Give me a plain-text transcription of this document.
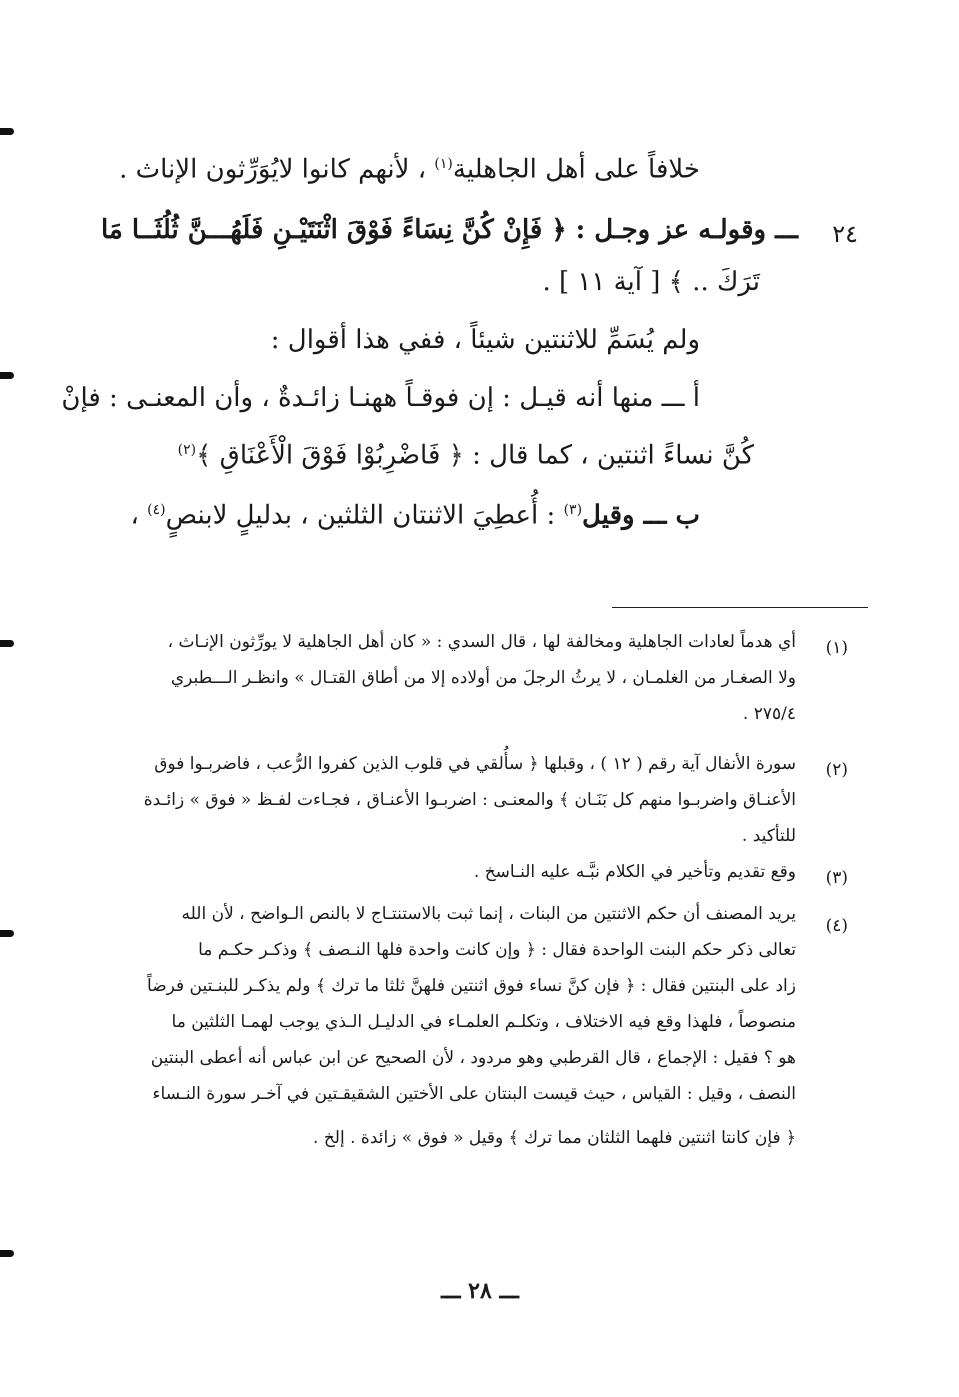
خلافاً على أهل الجاهلية$^{(١)}$ ، لأنهم كانوا لايُوَرِّثون الإناث .
٢٤
ـــ وقولـه عز وجـل : ﴿ فَإِنْ كُنَّ نِسَاءً فَوْقَ اثْنَتَيْـنِ فَلَهُـــنَّ ثُلُثَــا مَا
تَرَكَ .. ﴾ [ آية ١١ ] .
ولم يُسَمِّ للاثنتين شيئاً ، ففي هذا أقوال :
أ ـــ منها أنه قيـل : إن فوقـاً ههنـا زائـدةٌ ، وأن المعنـى : فإنْ
كُنَّ نساءً اثنتين ، كما قال : ﴿ فَاضْرِبُوْا فَوْقَ الْأَعْنَاقِ ﴾$^{(٢)}$
ب ـــ وقيل$^{(٣)}$ : أُعطِيَ الاثنتان الثلثين ، بدليلٍ لابنصٍ$^{(٤)}$ ،
(١)
أي هدماً لعادات الجاهلية ومخالفة لها ، قال السدي : « كان أهل الجاهلية لا يورِّثون الإنـاث ،
ولا الصغـار من الغلمـان ، لا يرثُ الرجلَ من أولاده إلا من أطاق القتـال » وانظـر الـــطبري
٢٧٥/٤ .
(٢)
سورة الأنفال آية رقم ( ١٢ ) ، وقبلها ﴿ سأُلقي في قلوب الذين كفروا الرُّعب ، فاضربـوا فوق
الأعنـاق واضربـوا منهم كل بَنَـان ﴾ والمعنـى : اضربـوا الأعنـاق ، فجـاءت لفـظ « فوق » زائـدة
للتأكيد .
(٣)
وقع تقديم وتأخير في الكلام نبَّـه عليه النـاسخ .
(٤)
يريد المصنف أن حكم الاثنتين من البنات ، إنما ثبت بالاستنتـاج لا بالنص الـواضح ، لأن الله
تعالى ذكر حكم البنت الواحدة فقال : ﴿ وإن كانت واحدة فلها النـصف ﴾ وذكـر حكـم ما
زاد على البنتين فقال : ﴿ فإن كنَّ نساء فوق اثنتين فلهنَّ ثلثا ما ترك ﴾ ولم يذكـر للبنـتين فرضاً
منصوصاً ، فلهذا وقع فيه الاختلاف ، وتكلـم العلمـاء في الدليـل الـذي يوجب لهمـا الثلثين ما
هو ؟ فقيل : الإجماع ، قال القرطبي وهو مردود ، لأن الصحيح عن ابن عباس أنه أعطى البنتين
النصف ، وقيل : القياس ، حيث قيست البنتان على الأختين الشقيقـتين في آخـر سورة النـساء
﴿ فإن كانتا اثنتين فلهما الثلثان مما ترك ﴾ وقيل « فوق » زائدة . إلخ .
ـــ ٢٨ ـــ
